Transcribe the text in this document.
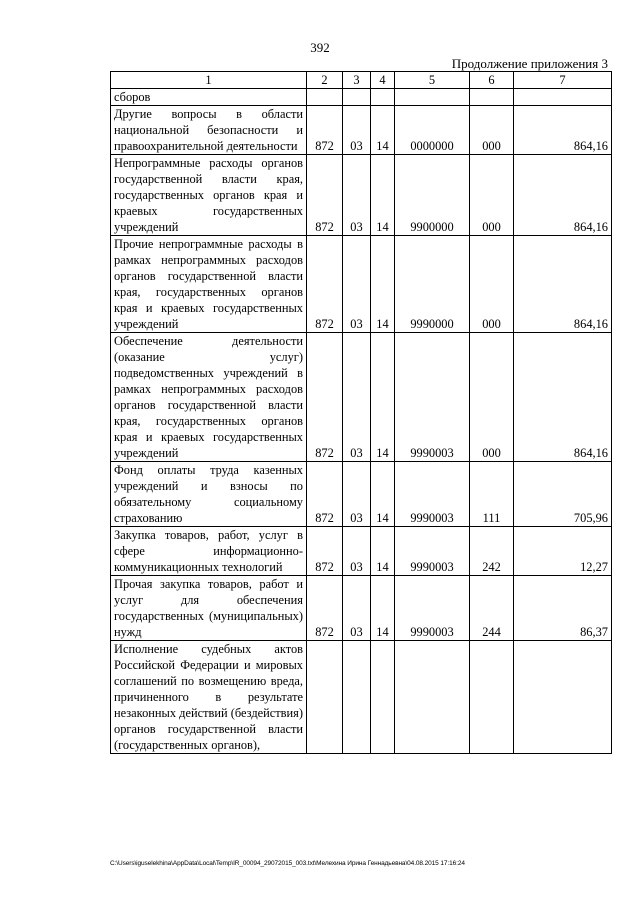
392
Продолжение приложения 3
1	2	3	4	5	6	7
сборов						
Другие вопросы в области национальной безопасности и правоохранительной деятельности	872	03	14	0000000	000	864,16
Непрограммные расходы органов государственной власти края, государственных органов края и краевых государственных учреждений	872	03	14	9900000	000	864,16
Прочие непрограммные расходы в рамках непрограммных расходов органов государственной власти края, государственных органов края и краевых государственных учреждений	872	03	14	9990000	000	864,16
Обеспечение деятельности (оказание услуг) подведомственных учреждений в рамках непрограммных расходов органов государственной власти края, государственных органов края и краевых государственных учреждений	872	03	14	9990003	000	864,16
Фонд оплаты труда казенных учреждений и взносы по обязательному социальному страхованию	872	03	14	9990003	111	705,96
Закупка товаров, работ, услуг в сфере информационно-коммуникационных технологий	872	03	14	9990003	242	12,27
Прочая закупка товаров, работ и услуг для обеспечения государственных (муниципальных) нужд	872	03	14	9990003	244	86,37
Исполнение судебных актов Российской Федерации и мировых соглашений по возмещению вреда, причиненного в результате незаконных действий (бездействия) органов государственной власти (государственных органов),						
C:\Users\iguselekhina\AppData\Local\Temp\IR_00094_29072015_003.txt\Мелехина Ирина Геннадьевна\04.08.2015 17:16:24
